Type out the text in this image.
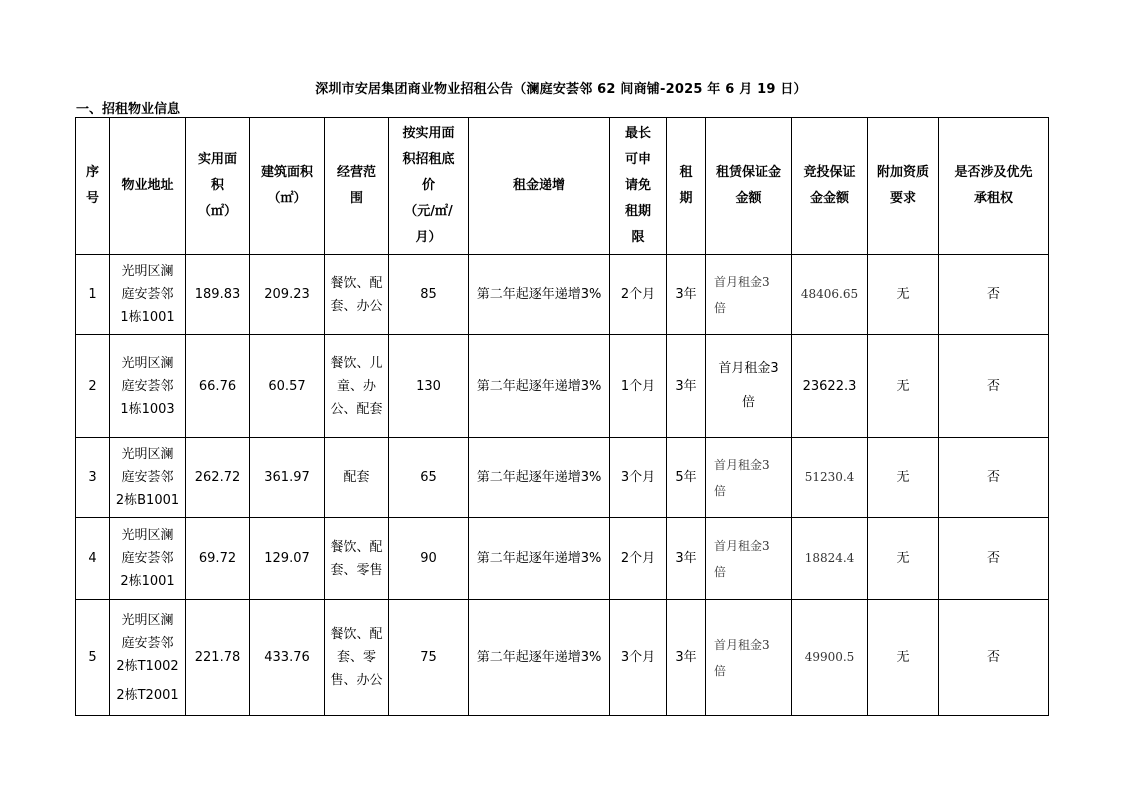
深圳市安居集团商业物业招租公告（澜庭安荟邻 62 间商铺-2025 年 6 月 19 日）
一、招租物业信息
序
号	物业地址	实用面
积
（㎡）	建筑面积
（㎡）	经营范
围	按实用面
积招租底
价
（元/㎡/
月）	租金递增	最长
可申
请免
租期
限	租
期	租赁保证金
金额	竞投保证
金金额	附加资质
要求	是否涉及优先
承租权

1	光明区澜
庭安荟邻
1栋1001	189.83	209.23	餐饮、配
套、办公	85	第二年起逐年递增3%	2个月	3年	首月租金3
倍	48406.65	无	否
2	光明区澜
庭安荟邻
1栋1003	66.76	60.57	餐饮、儿
童、办
公、配套	130	第二年起逐年递增3%	1个月	3年	首月租金3
倍	23622.3	无	否
3	光明区澜
庭安荟邻
2栋B1001	262.72	361.97	配套	65	第二年起逐年递增3%	3个月	5年	首月租金3
倍	51230.4	无	否
4	光明区澜
庭安荟邻
2栋1001	69.72	129.07	餐饮、配
套、零售	90	第二年起逐年递增3%	2个月	3年	首月租金3
倍	18824.4	无	否
5	光明区澜
庭安荟邻
2栋T1002
2栋T2001	221.78	433.76	餐饮、配
套、零
售、办公	75	第二年起逐年递增3%	3个月	3年	首月租金3
倍	49900.5	无	否
